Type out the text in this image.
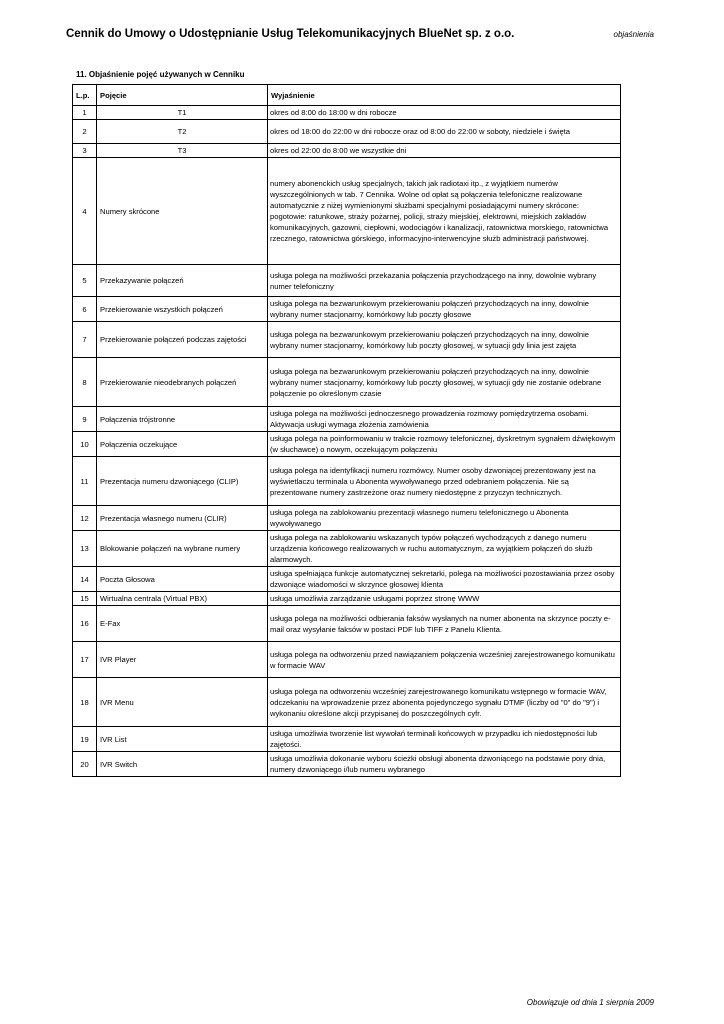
Cennik do Umowy o Udostępnianie Usług Telekomunikacyjnych BlueNet sp. z o.o.	objaśnienia
11. Objaśnienie pojęć używanych w Cenniku
L.p.	Pojęcie	Wyjaśnienie
1	T1	okres od 8:00 do 18:00 w dni robocze
2	T2	okres od 18:00 do 22:00 w dni robocze oraz od 8:00 do 22:00 w soboty, niedziele i święta
3	T3	okres od 22:00 do 8:00 we wszystkie dni
4	Numery skrócone	numery abonenckich usług specjalnych, takich jak radiotaxi itp., z wyjątkiem numerów wyszczególnionych w tab. 7 Cennika. Wolne od opłat są połączenia telefoniczne realizowane automatycznie z niżej wymienionymi służbami specjalnymi posiadającymi numery skrócone: pogotowie: ratunkowe, straży pożarnej, policji, straży miejskiej, elektrowni, miejskich zakładów komunikacyjnych, gazowni, ciepłowni, wodociągów i kanalizacji, ratownictwa morskiego, ratownictwa rzecznego, ratownictwa górskiego, informacyjno-interwencyjne służb administracji państwowej.
5	Przekazywanie połączeń	usługa polega na możliwości przekazania połączenia przychodzącego na inny, dowolnie wybrany numer telefoniczny
6	Przekierowanie wszystkich połączeń	usługa polega na bezwarunkowym przekierowaniu połączeń przychodzących na inny, dowolnie wybrany numer stacjonarny, komórkowy lub poczty głosowe
7	Przekierowanie połączeń podczas zajętości	usługa polega na bezwarunkowym przekierowaniu połączeń przychodzących na inny, dowolnie wybrany numer stacjonarny, komórkowy lub poczty głosowej, w sytuacji gdy linia jest zajęta
8	Przekierowanie nieodebranych połączeń	usługa polega na bezwarunkowym przekierowaniu połączeń przychodzących na inny, dowolnie wybrany numer stacjonarny, komórkowy lub poczty głosowej, w sytuacji gdy nie zostanie odebrane połączenie po określonym czasie
9	Połączenia trójstronne	usługa polega na możliwości jednoczesnego prowadzenia rozmowy pomiędzytrzema osobami. Aktywacja usługi wymaga złożenia zamówienia
10	Połączenia oczekujące	usługa polega na poinformowaniu w trakcie rozmowy telefonicznej, dyskretnym sygnałem dźwiękowym (w słuchawce) o nowym, oczekującym połączeniu
11	Prezentacja numeru dzwoniącego (CLIP)	usługa polega na identyfikacji numeru rozmówcy. Numer osoby dzwoniącej prezentowany jest na wyświetlaczu terminala u Abonenta wywoływanego przed odebraniem połączenia. Nie są prezentowane numery zastrzeżone oraz numery niedostępne z przyczyn technicznych.
12	Prezentacja własnego numeru (CLIR)	usługa polega na zablokowaniu prezentacji własnego numeru telefonicznego u Abonenta wywoływanego
13	Blokowanie połączeń na wybrane numery	usługa polega na zablokowaniu wskazanych typów połączeń wychodzących z danego numeru urządzenia końcowego realizowanych w ruchu automatycznym, za wyjątkiem połączeń do służb alarmowych.
14	Poczta Głosowa	usługa spełniająca funkcje automatycznej sekretarki, polega na możliwości pozostawiania przez osoby dzwoniące wiadomości w skrzynce głosowej klienta
15	Wirtualna centrala (Virtual PBX)	usługa umożliwia zarządzanie usługami poprzez stronę WWW
16	E-Fax	usługa polega na możliwości odbierania faksów wysłanych na numer abonenta na skrzynce poczty e-mail oraz wysyłanie faksów w postaci PDF lub TIFF z Panelu Klienta.
17	IVR Player	usługa polega na odtworzeniu przed nawiązaniem połączenia wcześniej zarejestrowanego komunikatu w formacie WAV
18	IVR Menu	usługa polega na odtworzeniu wcześniej zarejestrowanego komunikatu wstępnego w formacie WAV, odczekaniu na wprowadzenie przez abonenta pojedynczego sygnału DTMF (liczby od "0" do "9") i wykonaniu określone akcji przypisanej do poszczególnych cyfr.
19	IVR List	usługa umożliwia tworzenie list wywołań terminali końcowych w przypadku ich niedostępności lub zajętości.
20	IVR Switch	usługa umożliwia dokonanie wyboru ścieżki obsługi abonenta dzwoniącego na podstawie pory dnia, numery dzwoniącego i/lub numeru wybranego
Obowiązuje od dnia 1 sierpnia 2009
